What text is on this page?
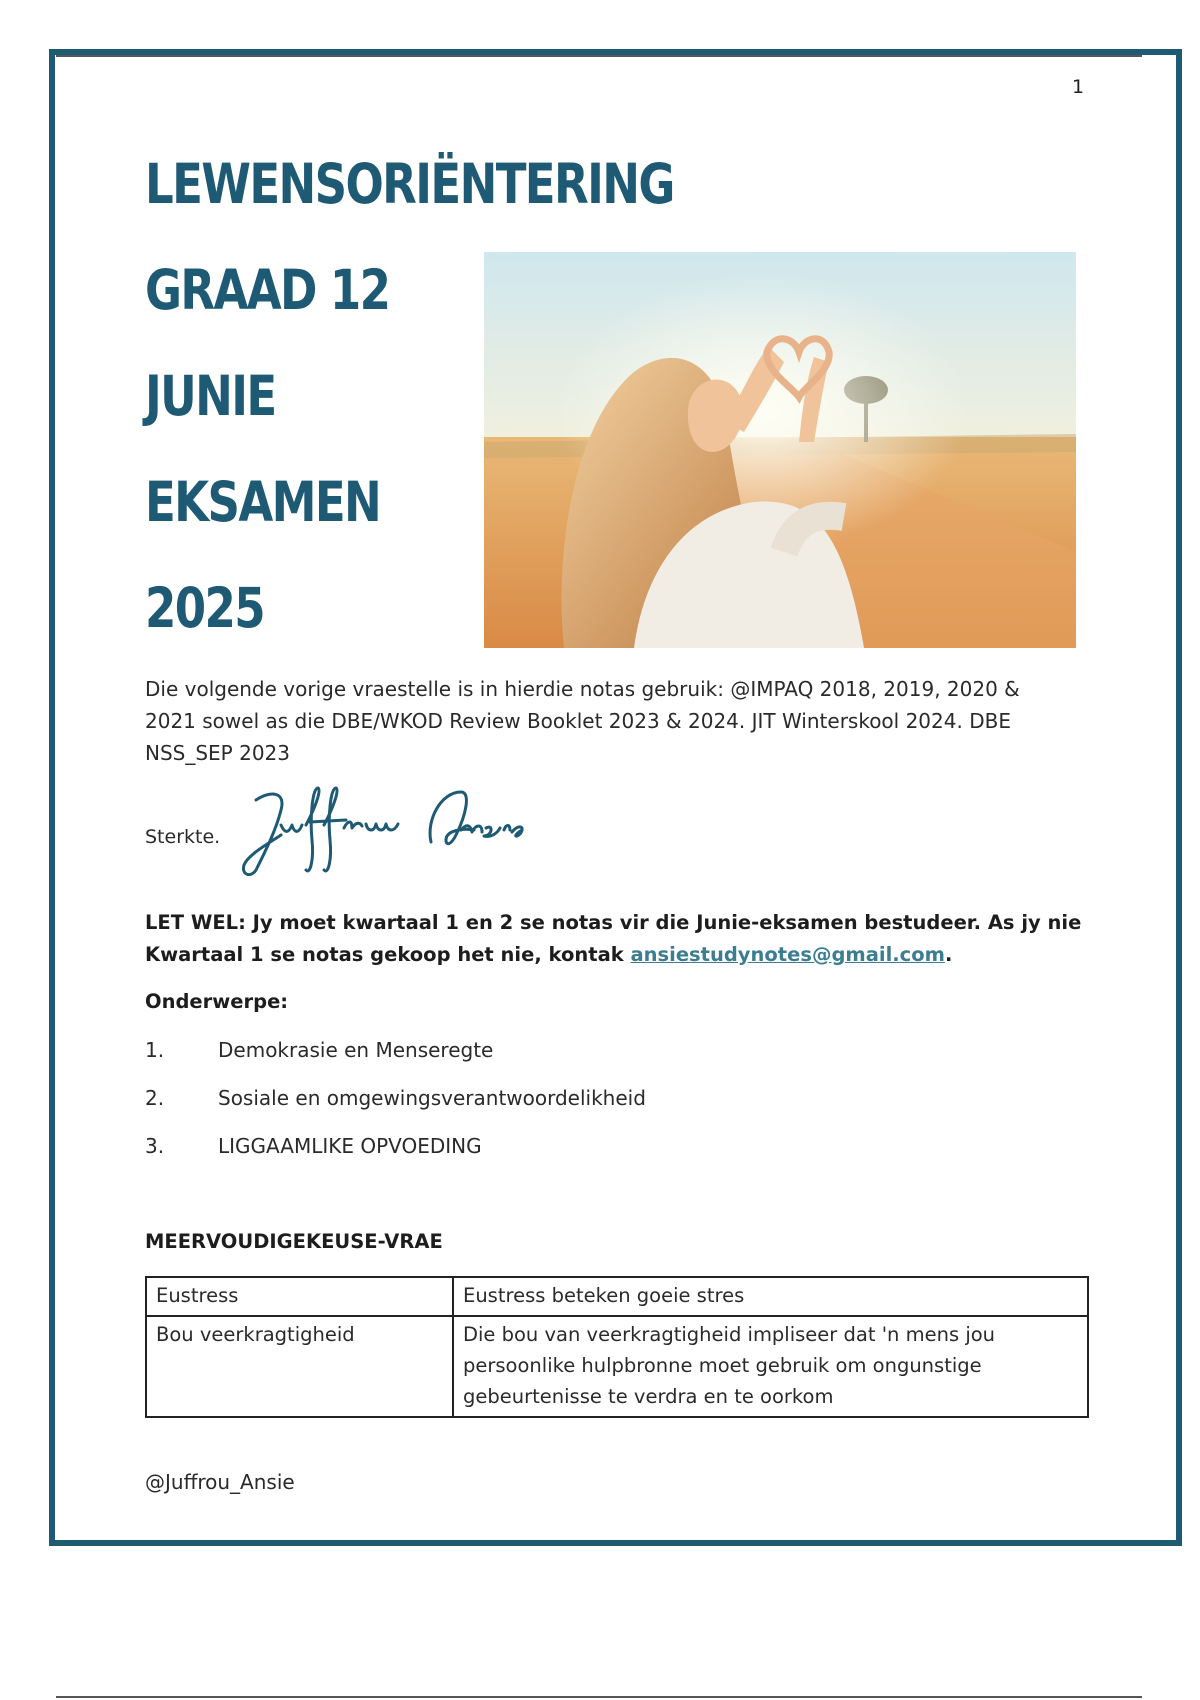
1
LEWENSORIËNTERING
GRAAD 12
JUNIE
EKSAMEN
2025
Die volgende vorige vraestelle is in hierdie notas gebruik: @IMPAQ 2018, 2019, 2020 & 2021 sowel as die DBE/WKOD Review Booklet 2023 & 2024. JIT Winterskool 2024. DBE NSS_SEP 2023
Sterkte.
LET WEL: Jy moet kwartaal 1 en 2 se notas vir die Junie-eksamen bestudeer. As jy nie Kwartaal 1 se notas gekoop het nie, kontak ansiestudynotes@gmail.com.
Onderwerpe:
1.	Demokrasie en Menseregte
2.	Sosiale en omgewingsverantwoordelikheid
3.	LIGGAAMLIKE OPVOEDING
MEERVOUDIGEKEUSE-VRAE
Eustress	Eustress beteken goeie stres
Bou veerkragtigheid	Die bou van veerkragtigheid impliseer dat 'n mens jou persoonlike hulpbronne moet gebruik om ongunstige gebeurtenisse te verdra en te oorkom
@Juffrou_Ansie
